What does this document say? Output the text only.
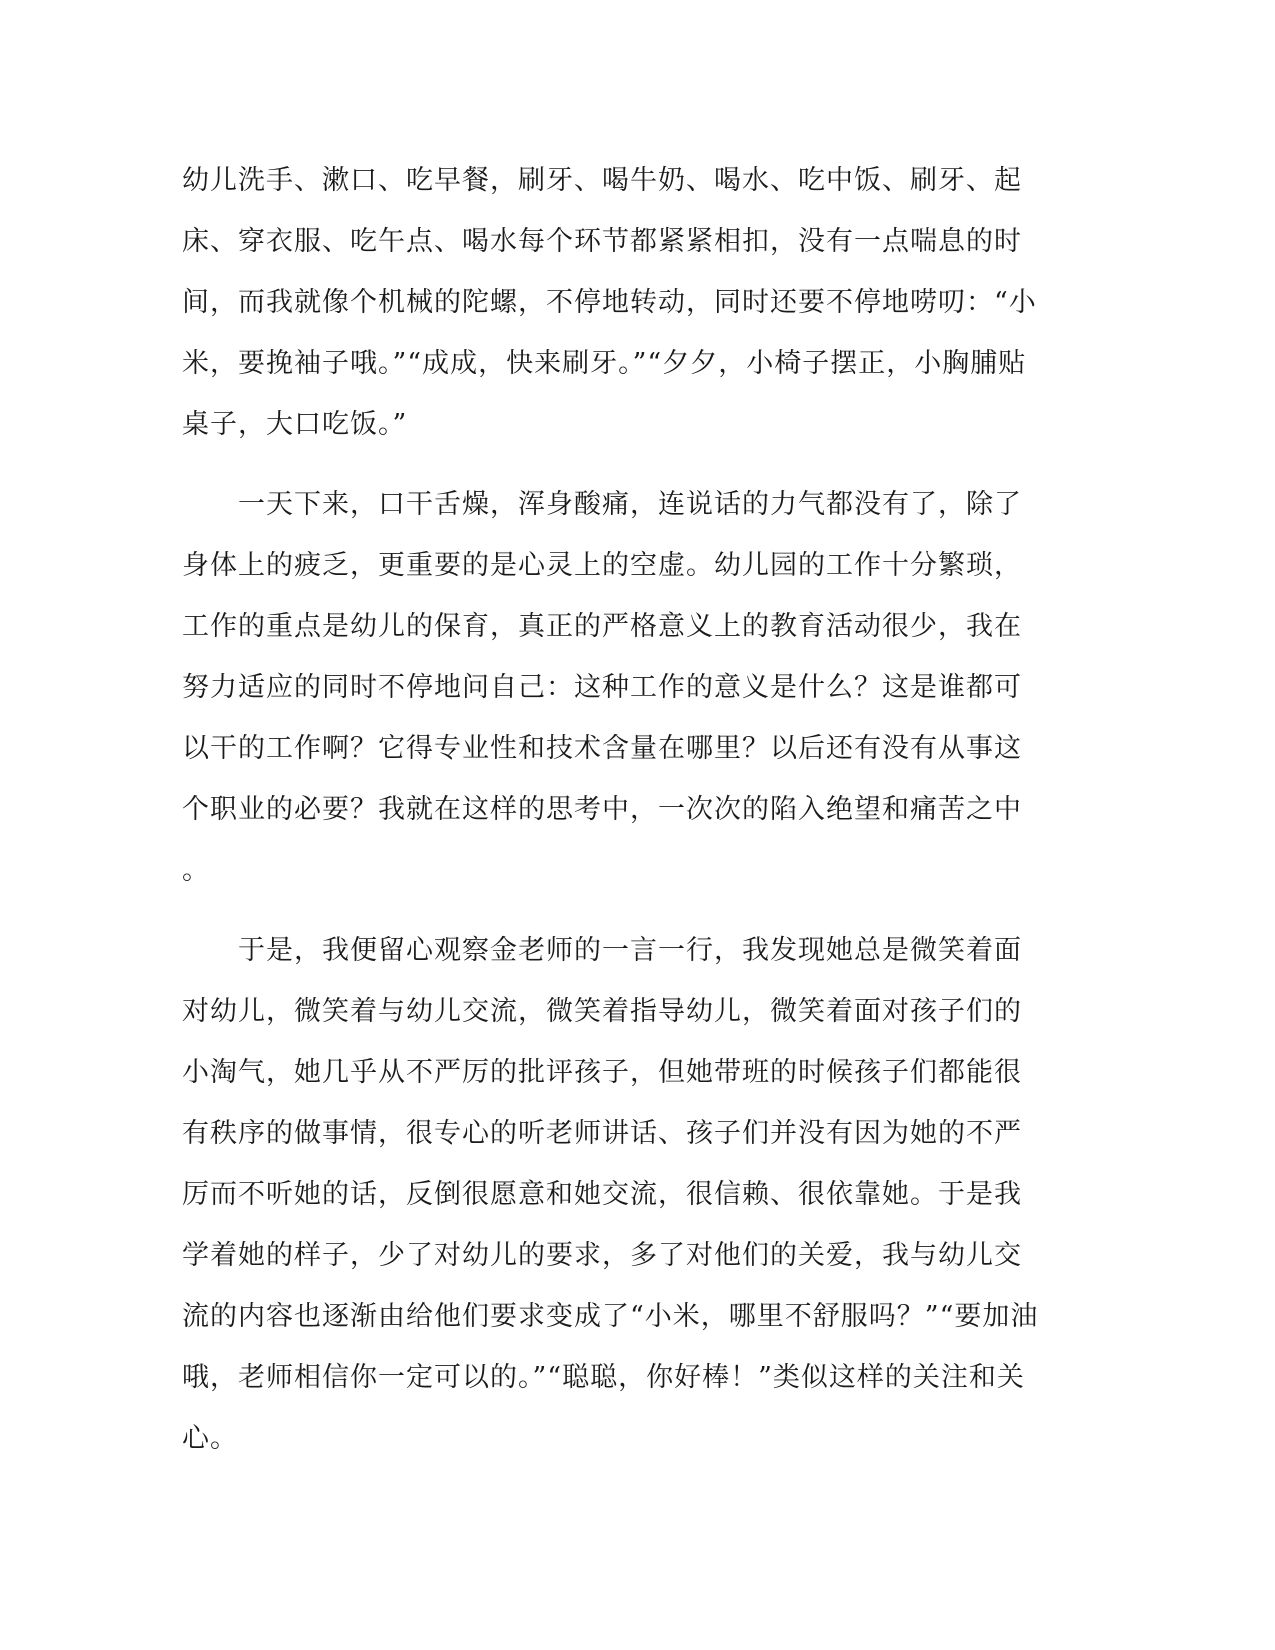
幼儿洗手、漱口、吃早餐，刷牙、喝牛奶、喝水、吃中饭、刷牙、起
床、穿衣服、吃午点、喝水每个环节都紧紧相扣，没有一点喘息的时
间，而我就像个机械的陀螺，不停地转动，同时还要不停地唠叨：“小
米，要挽袖子哦。”“成成，快来刷牙。”“夕夕，小椅子摆正，小胸脯贴
桌子，大口吃饭。”
　　一天下来，口干舌燥，浑身酸痛，连说话的力气都没有了，除了
身体上的疲乏，更重要的是心灵上的空虚。幼儿园的工作十分繁琐，
工作的重点是幼儿的保育，真正的严格意义上的教育活动很少，我在
努力适应的同时不停地问自己：这种工作的意义是什么？这是谁都可
以干的工作啊？它得专业性和技术含量在哪里？以后还有没有从事这
个职业的必要？我就在这样的思考中，一次次的陷入绝望和痛苦之中
。
　　于是，我便留心观察金老师的一言一行，我发现她总是微笑着面
对幼儿，微笑着与幼儿交流，微笑着指导幼儿，微笑着面对孩子们的
小淘气，她几乎从不严厉的批评孩子，但她带班的时候孩子们都能很
有秩序的做事情，很专心的听老师讲话、孩子们并没有因为她的不严
厉而不听她的话，反倒很愿意和她交流，很信赖、很依靠她。于是我
学着她的样子，少了对幼儿的要求，多了对他们的关爱，我与幼儿交
流的内容也逐渐由给他们要求变成了“小米，哪里不舒服吗？”“要加油
哦，老师相信你一定可以的。”“聪聪，你好棒！”类似这样的关注和关
心。
